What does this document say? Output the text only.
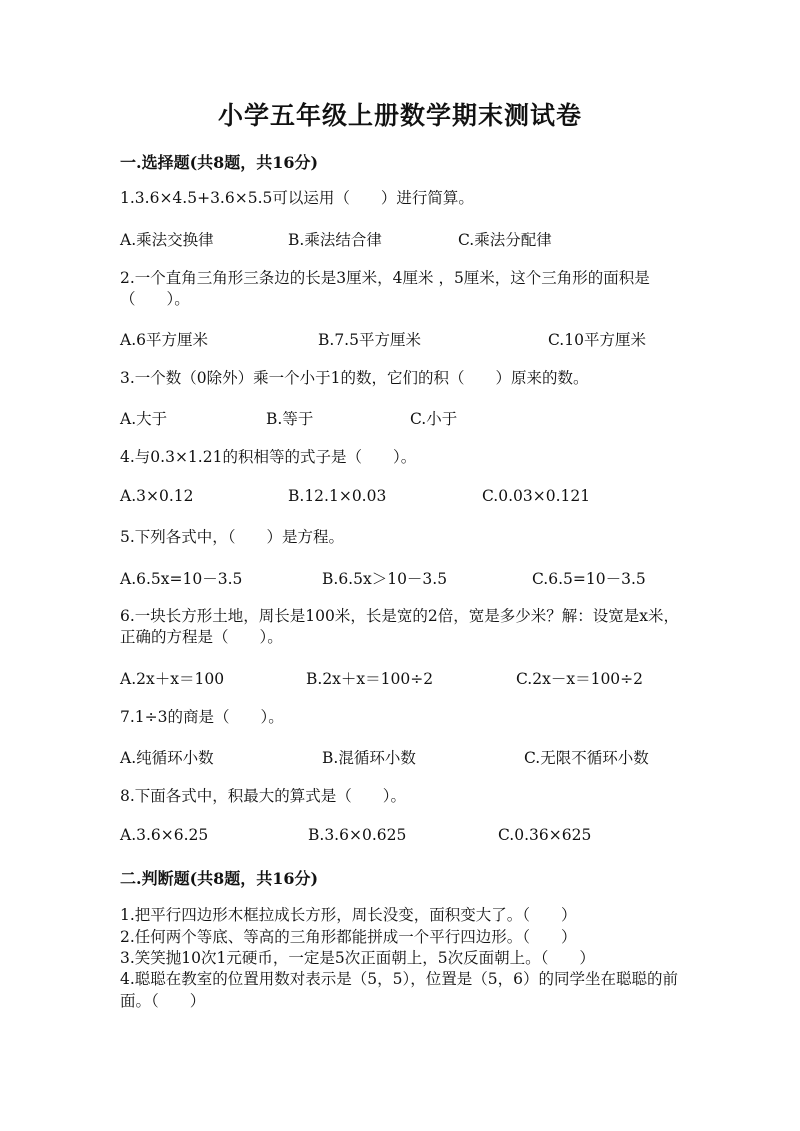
小学五年级上册数学期末测试卷
一.选择题(共8题，共16分)
1.3.6×4.5+3.6×5.5可以运用（　　）进行简算。
A.乘法交换律	B.乘法结合律	C.乘法分配律
2.一个直角三角形三条边的长是3厘米，4厘米 ，5厘米，这个三角形的面积是（　　）。
A.6平方厘米	B.7.5平方厘米	C.10平方厘米
3.一个数（0除外）乘一个小于1的数，它们的积（　　）原来的数。
A.大于	B.等于	C.小于
4.与0.3×1.21的积相等的式子是（　　）。
A.3×0.12	B.12.1×0.03	C.0.03×0.121
5.下列各式中，（　　）是方程。
A.6.5x=10－3.5	B.6.5x＞10－3.5	C.6.5=10－3.5
6.一块长方形土地，周长是100米，长是宽的2倍，宽是多少米？解：设宽是x米，正确的方程是（　　）。
A.2x＋x＝100	B.2x＋x＝100÷2	C.2x－x＝100÷2
7.1÷3的商是（　　）。
A.纯循环小数	B.混循环小数	C.无限不循环小数
8.下面各式中，积最大的算式是（　　）。
A.3.6×6.25	B.3.6×0.625	C.0.36×625
二.判断题(共8题，共16分)
1.把平行四边形木框拉成长方形，周长没变，面积变大了。（　　）
2.任何两个等底、等高的三角形都能拼成一个平行四边形。（　　）
3.笑笑抛10次1元硬币，一定是5次正面朝上，5次反面朝上。（　　）
4.聪聪在教室的位置用数对表示是（5，5），位置是（5，6）的同学坐在聪聪的前面。（　　）
